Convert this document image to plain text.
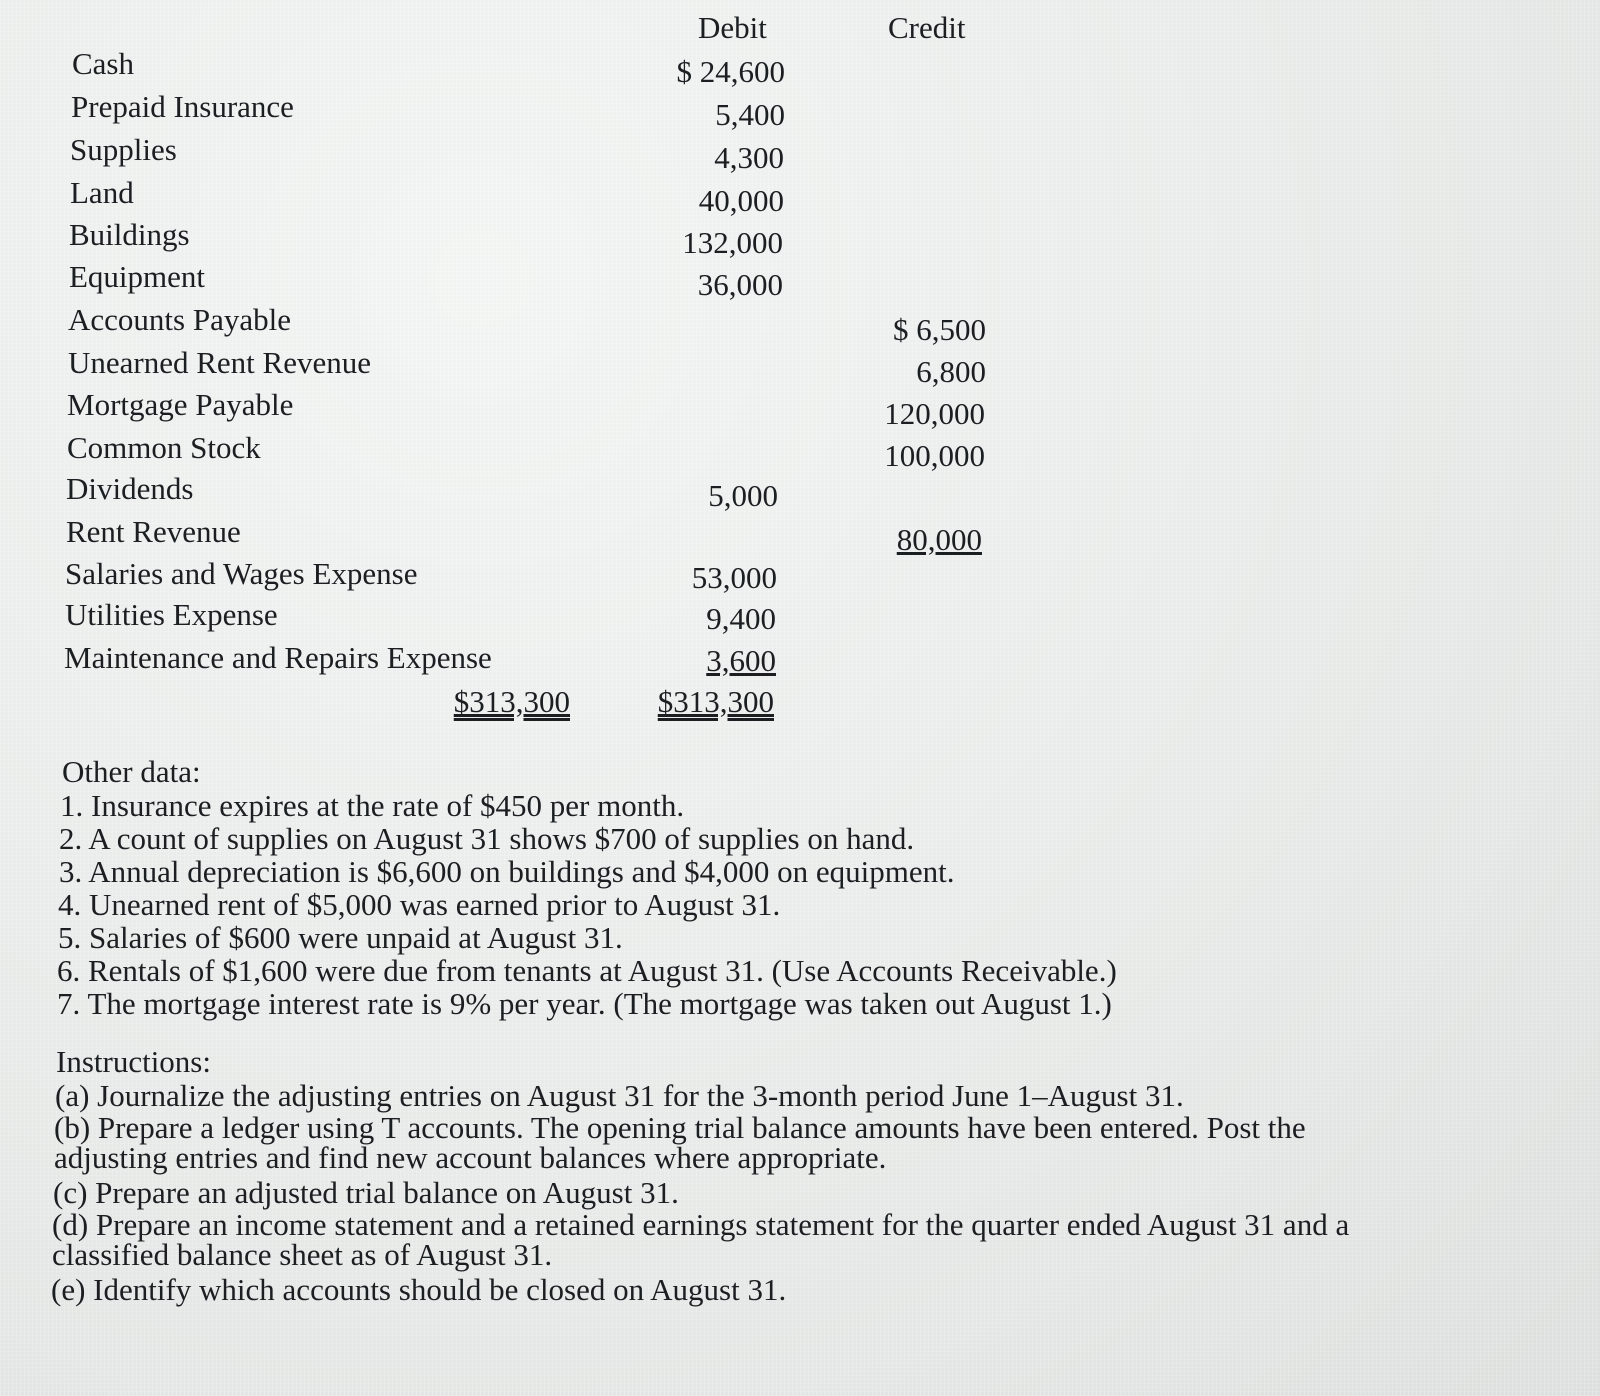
Debit	Credit
Cash
Prepaid Insurance
Supplies
Land
Buildings
Equipment
Accounts Payable
Unearned Rent Revenue
Mortgage Payable
Common Stock
Dividends
Rent Revenue
Salaries and Wages Expense
Utilities Expense
Maintenance and Repairs Expense
$ 24,600
5,400
4,300
40,000
132,000
36,000
5,000
53,000
9,400
3,600
$ 6,500
6,800
120,000
100,000
80,000
$313,300	$313,300
Other data:
1. Insurance expires at the rate of $450 per month.
2. A count of supplies on August 31 shows $700 of supplies on hand.
3. Annual depreciation is $6,600 on buildings and $4,000 on equipment.
4. Unearned rent of $5,000 was earned prior to August 31.
5. Salaries of $600 were unpaid at August 31.
6. Rentals of $1,600 were due from tenants at August 31. (Use Accounts Receivable.)
7. The mortgage interest rate is 9% per year. (The mortgage was taken out August 1.)
Instructions:
(a) Journalize the adjusting entries on August 31 for the 3-month period June 1–August 31.
(b) Prepare a ledger using T accounts. The opening trial balance amounts have been entered. Post the adjusting entries and find new account balances where appropriate.
(c) Prepare an adjusted trial balance on August 31.
(d) Prepare an income statement and a retained earnings statement for the quarter ended August 31 and a classified balance sheet as of August 31.
(e) Identify which accounts should be closed on August 31.
